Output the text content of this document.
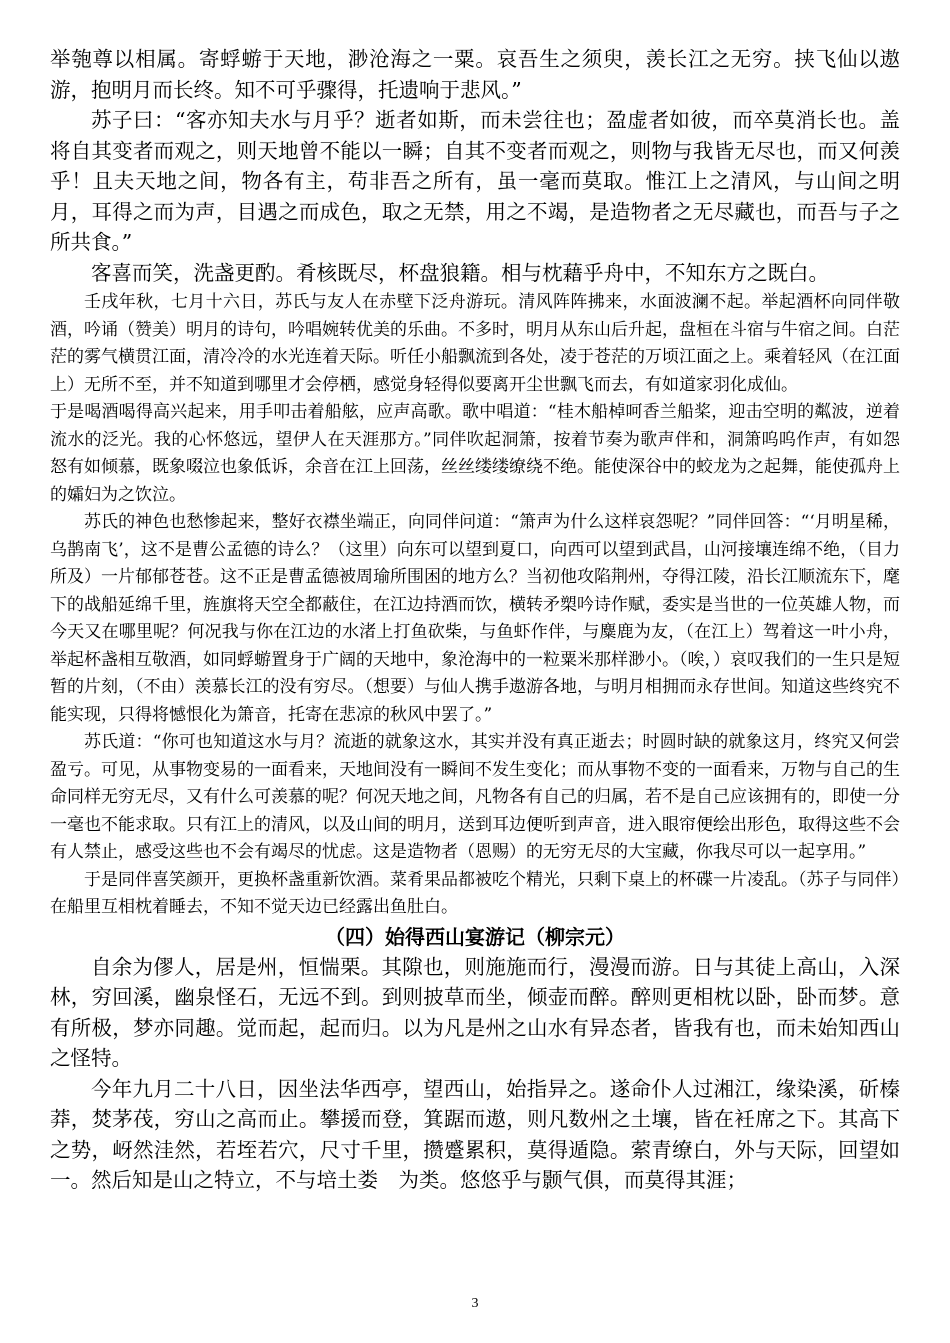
举匏尊以相属。寄蜉蝣于天地，渺沧海之一粟。哀吾生之须臾，羡长江之无穷。挟飞仙以遨游，抱明月而长终。知不可乎骤得，托遗响于悲风。”

苏子曰：“客亦知夫水与月乎？逝者如斯，而未尝往也；盈虚者如彼，而卒莫消长也。盖将自其变者而观之，则天地曾不能以一瞬；自其不变者而观之，则物与我皆无尽也，而又何羡乎！且夫天地之间，物各有主，苟非吾之所有，虽一毫而莫取。惟江上之清风，与山间之明月，耳得之而为声，目遇之而成色，取之无禁，用之不竭，是造物者之无尽藏也，而吾与子之所共食。”

客喜而笑，洗盏更酌。肴核既尽，杯盘狼籍。相与枕藉乎舟中，不知东方之既白。

壬戌年秋，七月十六日，苏氏与友人在赤壁下泛舟游玩。清风阵阵拂来，水面波澜不起。举起酒杯向同伴敬酒，吟诵（赞美）明月的诗句，吟唱婉转优美的乐曲。不多时，明月从东山后升起，盘桓在斗宿与牛宿之间。白茫茫的雾气横贯江面，清冷冷的水光连着天际。听任小船飘流到各处，凌于苍茫的万顷江面之上。乘着轻风（在江面上）无所不至，并不知道到哪里才会停栖，感觉身轻得似要离开尘世飘飞而去，有如道家羽化成仙。

于是喝酒喝得高兴起来，用手叩击着船舷，应声高歌。歌中唱道：“桂木船棹呵香兰船桨，迎击空明的粼波，逆着流水的泛光。我的心怀悠远，望伊人在天涯那方。”同伴吹起洞箫，按着节奏为歌声伴和，洞箫呜呜作声，有如怨怒有如倾慕，既象啜泣也象低诉，余音在江上回荡，丝丝缕缕缭绕不绝。能使深谷中的蛟龙为之起舞，能使孤舟上的孀妇为之饮泣。

苏氏的神色也愁惨起来，整好衣襟坐端正，向同伴问道：“箫声为什么这样哀怨呢？”同伴回答：“‘月明星稀，乌鹊南飞’，这不是曹公孟德的诗么？（这里）向东可以望到夏口，向西可以望到武昌，山河接壤连绵不绝，（目力所及）一片郁郁苍苍。这不正是曹孟德被周瑜所围困的地方么？当初他攻陷荆州，夺得江陵，沿长江顺流东下，麾下的战船延绵千里，旌旗将天空全都蔽住，在江边持酒而饮，横转矛槊吟诗作赋，委实是当世的一位英雄人物，而今天又在哪里呢？何况我与你在江边的水渚上打鱼砍柴，与鱼虾作伴，与麋鹿为友，（在江上）驾着这一叶小舟，举起杯盏相互敬酒，如同蜉蝣置身于广阔的天地中，象沧海中的一粒粟米那样渺小。（唉，）哀叹我们的一生只是短暂的片刻，（不由）羡慕长江的没有穷尽。（想要）与仙人携手遨游各地，与明月相拥而永存世间。知道这些终究不能实现，只得将憾恨化为箫音，托寄在悲凉的秋风中罢了。”

苏氏道：“你可也知道这水与月？流逝的就象这水，其实并没有真正逝去；时圆时缺的就象这月，终究又何尝盈亏。可见，从事物变易的一面看来，天地间没有一瞬间不发生变化；而从事物不变的一面看来，万物与自己的生命同样无穷无尽，又有什么可羡慕的呢？何况天地之间，凡物各有自己的归属，若不是自己应该拥有的，即使一分一毫也不能求取。只有江上的清风，以及山间的明月，送到耳边便听到声音，进入眼帘便绘出形色，取得这些不会有人禁止，感受这些也不会有竭尽的忧虑。这是造物者（恩赐）的无穷无尽的大宝藏，你我尽可以一起享用。”

于是同伴喜笑颜开，更换杯盏重新饮酒。菜肴果品都被吃个精光，只剩下桌上的杯碟一片凌乱。（苏子与同伴）在船里互相枕着睡去，不知不觉天边已经露出鱼肚白。

（四）始得西山宴游记（柳宗元）

自余为僇人，居是州，恒惴栗。其隙也，则施施而行，漫漫而游。日与其徒上高山，入深林，穷回溪，幽泉怪石，无远不到。到则披草而坐，倾壶而醉。醉则更相枕以卧，卧而梦。意有所极，梦亦同趣。觉而起，起而归。以为凡是州之山水有异态者，皆我有也，而未始知西山之怪特。

今年九月二十八日，因坐法华西亭，望西山，始指异之。遂命仆人过湘江，缘染溪，斫榛莽，焚茅茷，穷山之高而止。攀援而登，箕踞而遨，则凡数州之土壤，皆在衽席之下。其高下之势，岈然洼然，若垤若穴，尺寸千里，攒蹙累积，莫得遁隐。萦青缭白，外与天际，回望如一。然后知是山之特立，不与培土娄　为类。悠悠乎与颢气俱，而莫得其涯；

3
